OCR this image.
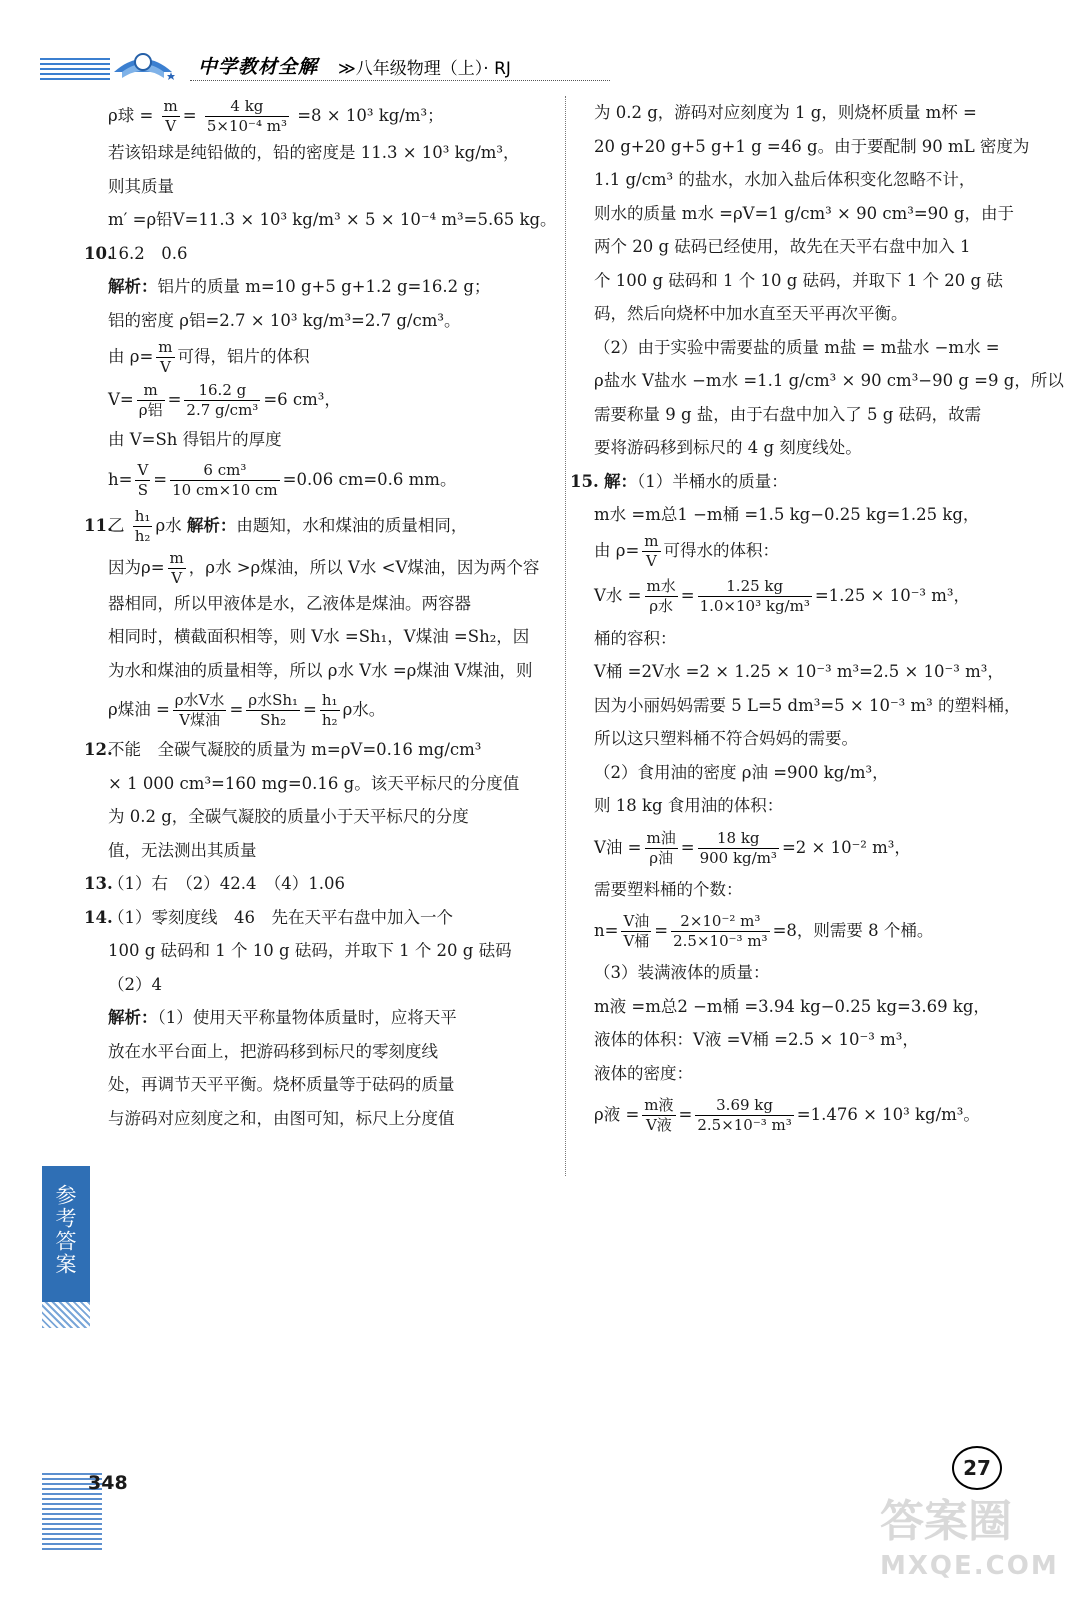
中学教材全解 ≫八年级物理（上）· RJ
ρ球 = $\frac{m}{V} = \frac{4 kg}{\text{5×10⁻⁴ m³}} =8 \times 10^3$ kg/m³；
若该铅球是纯铅做的，铅的密度是 11.3 × 10³ kg/m³，
则其质量
m′ =ρ铅V=11.3 × 10³ kg/m³ × 5 × 10⁻⁴ m³=5.65 kg。
10.16.2　0.6
解析：铝片的质量 m=10 g+5 g+1.2 g=16.2 g；
铝的密度 ρ铝=2.7 × 10³ kg/m³=2.7 g/cm³。
由 $\rho= \frac{m}{V}$ 可得，铝片的体积
$V= \frac{m}{\text{ρ铝}} = \frac{16.2 g}{\text{2.7 g/cm³}} =6$ cm³，
由 V=Sh 得铝片的厚度
$h= \frac{V}{S} = \frac{\text{6 cm³}}{10 cm\times 10 cm} =0.06$ cm=0.6 mm。
11.乙 $\frac{\text{h₁}}{\text{h₂}}$ ρ水 解析：由题知，水和煤油的质量相同，
因为$\rho= \frac{m}{V}$ ，ρ水 >ρ煤油，所以 V水 <V煤油，因为两个容
器相同，所以甲液体是水，乙液体是煤油。两容器
相同时，横截面积相等，则 V水 =Sh₁，V煤油 =Sh₂，因
为水和煤油的质量相等，所以 ρ水 V水 =ρ煤油 V煤油，则
ρ煤油 = $\frac{\text{ρ水V水}}{\text{V煤油}} = \frac{\text{ρ水Sh₁}}{\text{Sh₂}} = \frac{\text{h₁}}{\text{h₂}}$ ρ水。
12.不能　全碳气凝胶的质量为 m=ρV=0.16 mg/cm³
× 1 000 cm³=160 mg=0.16 g。该天平标尺的分度值
为 0.2 g，全碳气凝胶的质量小于天平标尺的分度
值，无法测出其质量
13.（1）右　（2）42.4　（4）1.06
14.（1）零刻度线　46　先在天平右盘中加入一个
100 g 砝码和 1 个 10 g 砝码，并取下 1 个 20 g 砝码
（2）4
解析：（1）使用天平称量物体质量时，应将天平
放在水平台面上，把游码移到标尺的零刻度线
处，再调节天平平衡。烧杯质量等于砝码的质量
与游码对应刻度之和，由图可知，标尺上分度值
为 0.2 g，游码对应刻度为 1 g，则烧杯质量 m杯 =
20 g+20 g+5 g+1 g =46 g。由于要配制 90 mL 密度为
1.1 g/cm³ 的盐水，水加入盐后体积变化忽略不计，
则水的质量 m水 =ρV=1 g/cm³ × 90 cm³=90 g，由于
两个 20 g 砝码已经使用，故先在天平右盘中加入 1
个 100 g 砝码和 1 个 10 g 砝码，并取下 1 个 20 g 砝
码，然后向烧杯中加水直至天平再次平衡。
（2）由于实验中需要盐的质量 m盐 = m盐水 −m水 =
ρ盐水 V盐水 −m水 =1.1 g/cm³ × 90 cm³−90 g =9 g，所以
需要称量 9 g 盐，由于右盘中加入了 5 g 砝码，故需
要将游码移到标尺的 4 g 刻度线处。
15. 解：（1）半桶水的质量：
m水 =m总1 −m桶 =1.5 kg−0.25 kg=1.25 kg，
由 $\rho= \frac{m}{V}$ 可得水的体积：
V水 = $\frac{\text{m水}}{\text{ρ水}} = \frac{1.25 kg}{\text{1.0×10³ kg/m³}} =1.25 \times 10^{-3}$ m³，
桶的容积：
V桶 =2V水 =2 × 1.25 × 10⁻³ m³=2.5 × 10⁻³ m³，
因为小丽妈妈需要 5 L=5 dm³=5 × 10⁻³ m³ 的塑料桶，
所以这只塑料桶不符合妈妈的需要。
（2）食用油的密度 ρ油 =900 kg/m³，
则 18 kg 食用油的体积：
V油 = $\frac{\text{m油}}{\text{ρ油}} = \frac{18 kg}{\text{900 kg/m³}} =2 \times 10^{-2}$ m³，
需要塑料桶的个数：
$n= \frac{\text{V油}}{\text{V桶}} = \frac{\text{2×10⁻² m³}}{\text{2.5×10⁻³ m³}} =8$，则需要 8 个桶。
（3）装满液体的质量：
m液 =m总2 −m桶 =3.94 kg−0.25 kg=3.69 kg，
液体的体积：V液 =V桶 =2.5 × 10⁻³ m³，
液体的密度：
ρ液 = $\frac{\text{m液}}{\text{V液}} = \frac{3.69 kg}{\text{2.5×10⁻³ m³}} =1.476 \times 10^3$ kg/m³。
参考答案
348
27
答案圈
MXQE.COM
